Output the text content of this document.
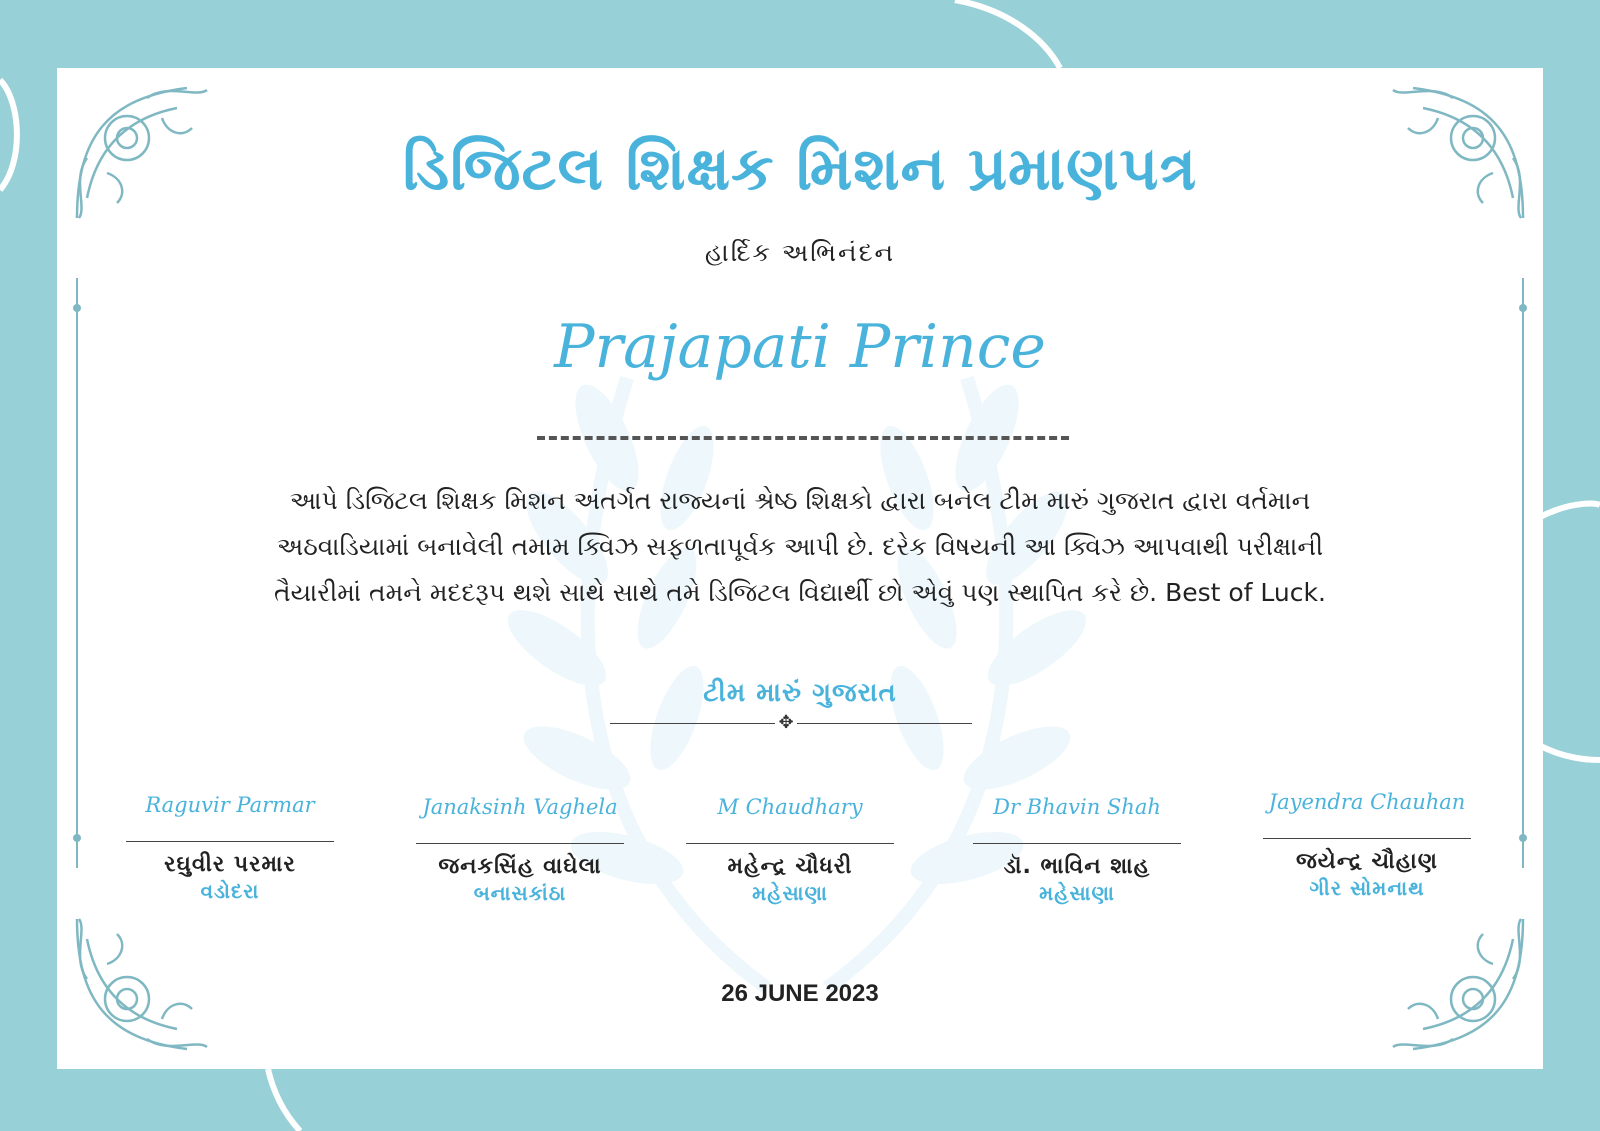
ડિજિટલ શિક્ષક મિશન પ્રમાણપત્ર
હાર્દિક અભિનંદન
Prajapati Prince
આપે ડિજિટલ શિક્ષક મિશન અંતર્ગત રાજ્યનાં શ્રેષ્ઠ શિક્ષકો દ્વારા બનેલ ટીમ મારું ગુજરાત દ્વારા વર્તમાન
અઠવાડિયામાં બનાવેલી તમામ ક્વિઝ સફળતાપૂર્વક આપી છે. દરેક વિષયની આ ક્વિઝ આપવાથી પરીક્ષાની
તૈયારીમાં તમને મદદરૂપ થશે સાથે સાથે તમે ડિજિટલ વિદ્યાર્થી છો એવું પણ સ્થાપિત કરે છે. Best of Luck.
ટીમ મારું ગુજરાત
✥
Raguvir Parmar
રઘુવીર પરમાર
વડોદરા
Janaksinh Vaghela
જનકસિંહ વાઘેલા
બનાસકાંઠા
M Chaudhary
મહેન્દ્ર ચૌધરી
મહેસાણા
Dr Bhavin Shah
ડૉ. ભાવિન શાહ
મહેસાણા
Jayendra Chauhan
જયેન્દ્ર ચૌહાણ
ગીર સોમનાથ
26 JUNE 2023
